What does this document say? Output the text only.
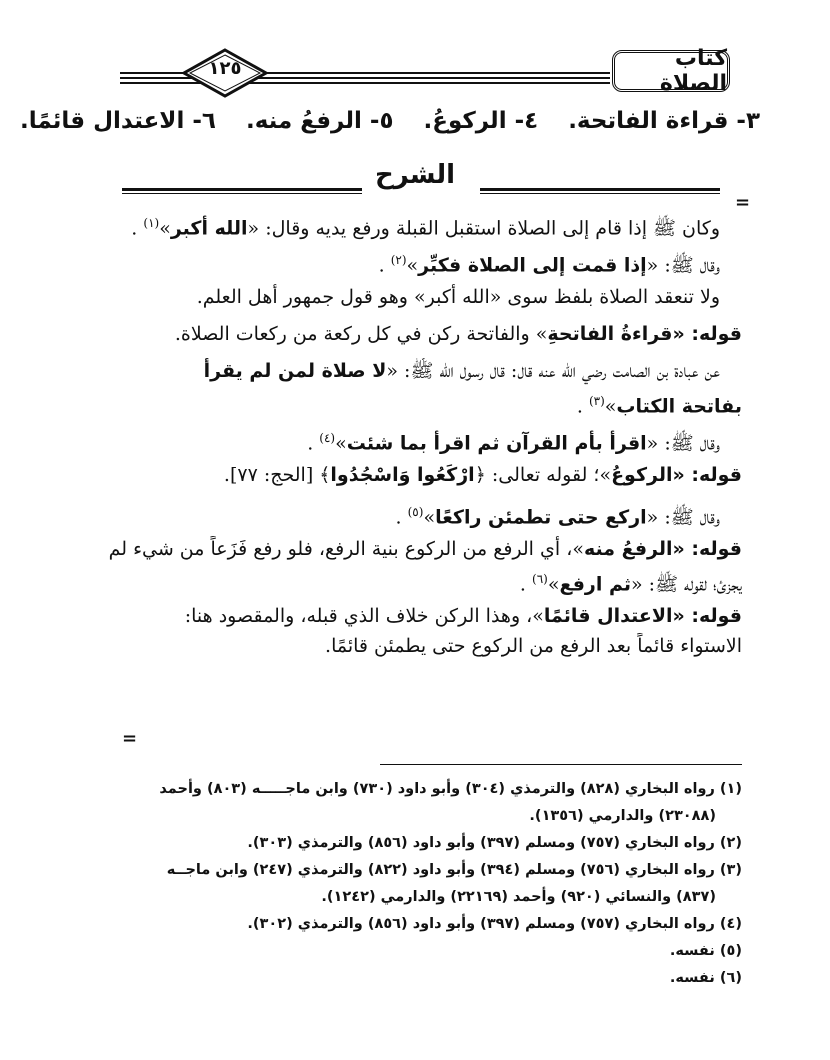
١٢٥	كتاب الصلاة
٣- قراءة الفاتحة. ٤- الركوعُ. ٥- الرفعُ منه. ٦- الاعتدال قائمًا.
الشرح
=
وكان ﷺ إذا قام إلى الصلاة استقبل القبلة ورفع يديه وقال: «الله أكبر»$^{(١)}$ .
وقال ﷺ: «إذا قمت إلى الصلاة فكبِّر»$^{(٢)}$ .
ولا تنعقد الصلاة بلفظ سوى «الله أكبر» وهو قول جمهور أهل العلم.
قوله: «قراءةُ الفاتحةِ» والفاتحة ركن في كل ركعة من ركعات الصلاة.
عن عبادة بن الصامت رضي الله عنه قال: قال رسول الله ﷺ: «لا صلاة لمن لم يقرأ
بفاتحة الكتاب»$^{(٣)}$ .
وقال ﷺ: «اقرأ بأم القرآن ثم اقرأ بما شئت»$^{(٤)}$ .
قوله: «الركوعُ»؛ لقوله تعالى: ﴿ارْكَعُوا وَاسْجُدُوا﴾ [الحج: ٧٧].
وقال ﷺ: «اركع حتى تطمئن راكعًا»$^{(٥)}$ .
قوله: «الرفعُ منه»، أي الرفع من الركوع بنية الرفع، فلو رفع فَزَعاً من شيء لم
يجزئ؛ لقوله ﷺ: «ثم ارفع»$^{(٦)}$ .
قوله: «الاعتدال قائمًا»، وهذا الركن خلاف الذي قبله، والمقصود هنا:
الاستواء قائماً بعد الرفع من الركوع حتى يطمئن قائمًا.
=
(١) رواه البخاري (٨٢٨) والترمذي (٣٠٤) وأبو داود (٧٣٠) وابن ماجـــــه (٨٠٣) وأحمد
(٢٣٠٨٨) والدارمي (١٣٥٦).
(٢) رواه البخاري (٧٥٧) ومسلم (٣٩٧) وأبو داود (٨٥٦) والترمذي (٣٠٣).
(٣) رواه البخاري (٧٥٦) ومسلم (٣٩٤) وأبو داود (٨٢٢) والترمذي (٢٤٧) وابن ماجــه
(٨٣٧) والنسائي (٩٢٠) وأحمد (٢٢١٦٩) والدارمي (١٢٤٢).
(٤) رواه البخاري (٧٥٧) ومسلم (٣٩٧) وأبو داود (٨٥٦) والترمذي (٣٠٢).
(٥) نفسه.
(٦) نفسه.
